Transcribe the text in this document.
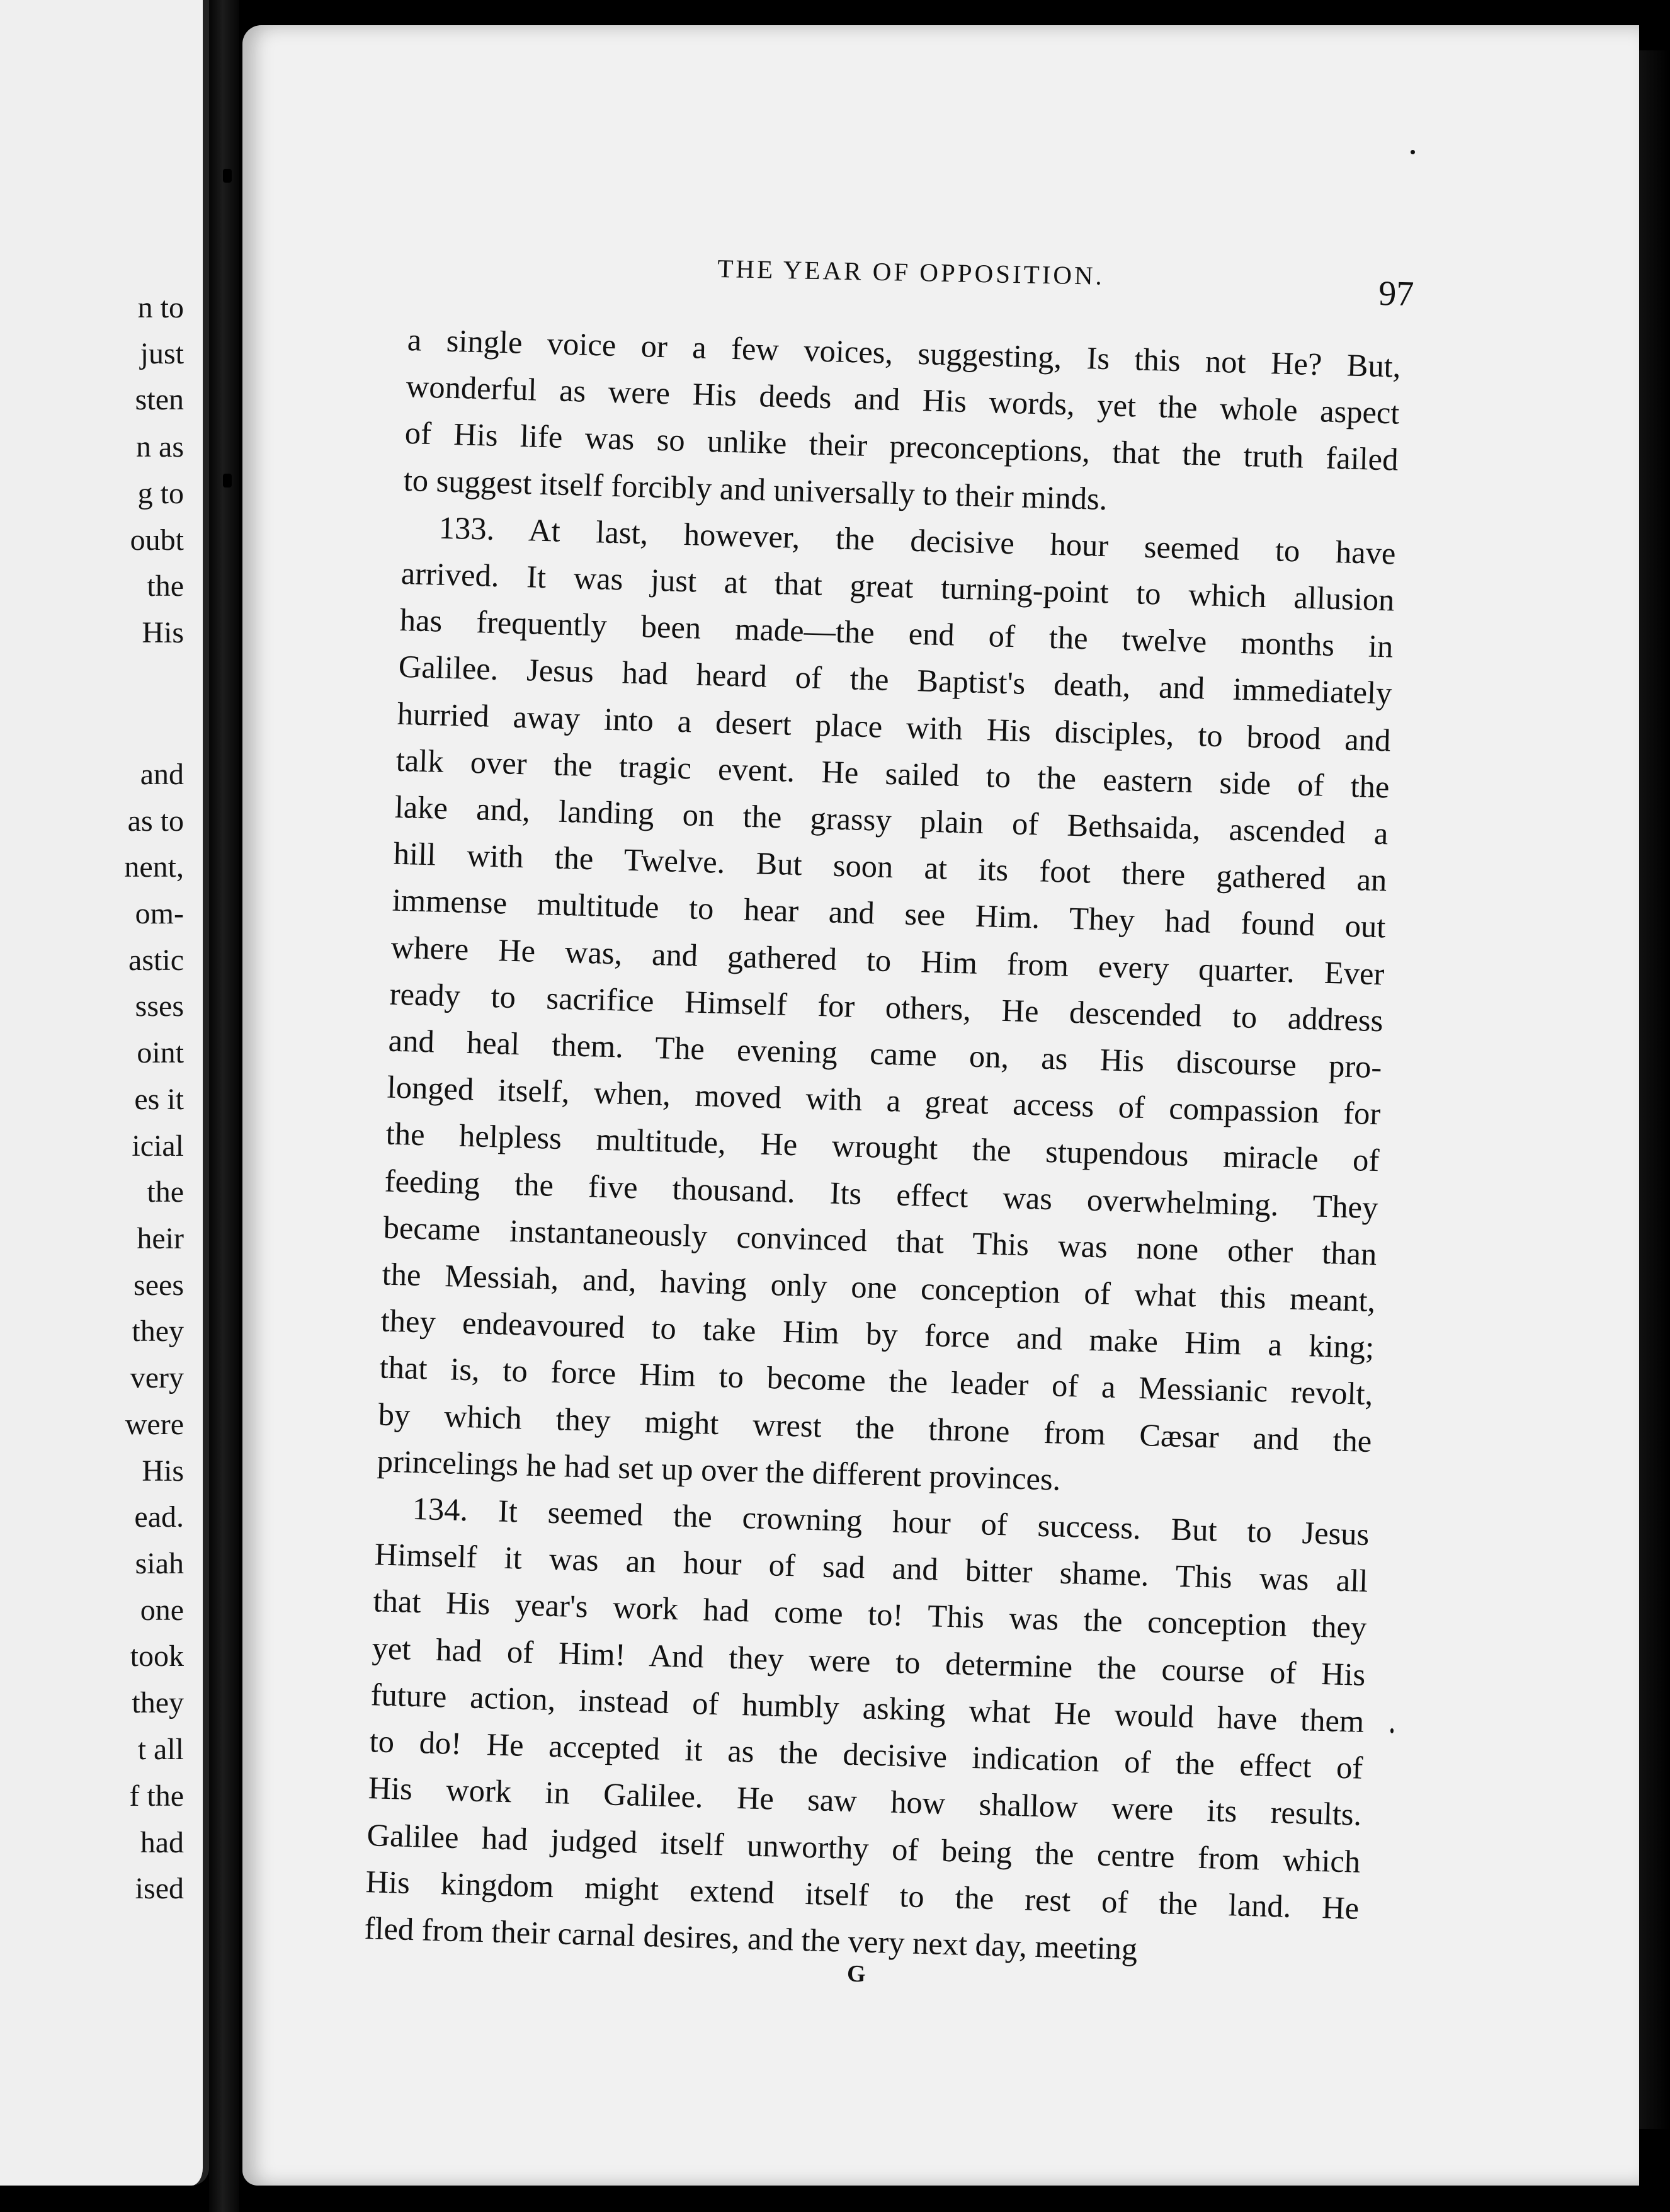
n to
just
sten
n as
g to
oubt
the
His
and
as to
nent,
om-
astic
sses
oint
es it
icial
the
heir
sees
they
very
were
His
ead.
siah
one
took
they
t all
f the
had
ised
THE YEAR OF OPPOSITION.
97
a single voice or a few voices, suggesting, Is this not He? But,
wonderful as were His deeds and His words, yet the whole aspect
of His life was so unlike their preconceptions, that the truth failed
to suggest itself forcibly and universally to their minds.
133. At last, however, the decisive hour seemed to have
arrived. It was just at that great turning-point to which allusion
has frequently been made—the end of the twelve months in
Galilee. Jesus had heard of the Baptist's death, and immediately
hurried away into a desert place with His disciples, to brood and
talk over the tragic event. He sailed to the eastern side of the
lake and, landing on the grassy plain of Bethsaida, ascended a
hill with the Twelve. But soon at its foot there gathered an
immense multitude to hear and see Him. They had found out
where He was, and gathered to Him from every quarter. Ever
ready to sacrifice Himself for others, He descended to address
and heal them. The evening came on, as His discourse pro-
longed itself, when, moved with a great access of compassion for
the helpless multitude, He wrought the stupendous miracle of
feeding the five thousand. Its effect was overwhelming. They
became instantaneously convinced that This was none other than
the Messiah, and, having only one conception of what this meant,
they endeavoured to take Him by force and make Him a king;
that is, to force Him to become the leader of a Messianic revolt,
by which they might wrest the throne from Cæsar and the
princelings he had set up over the different provinces.
134. It seemed the crowning hour of success. But to Jesus
Himself it was an hour of sad and bitter shame. This was all
that His year's work had come to! This was the conception they
yet had of Him! And they were to determine the course of His
future action, instead of humbly asking what He would have them
to do! He accepted it as the decisive indication of the effect of
His work in Galilee. He saw how shallow were its results.
Galilee had judged itself unworthy of being the centre from which
His kingdom might extend itself to the rest of the land. He
fled from their carnal desires, and the very next day, meeting
G
